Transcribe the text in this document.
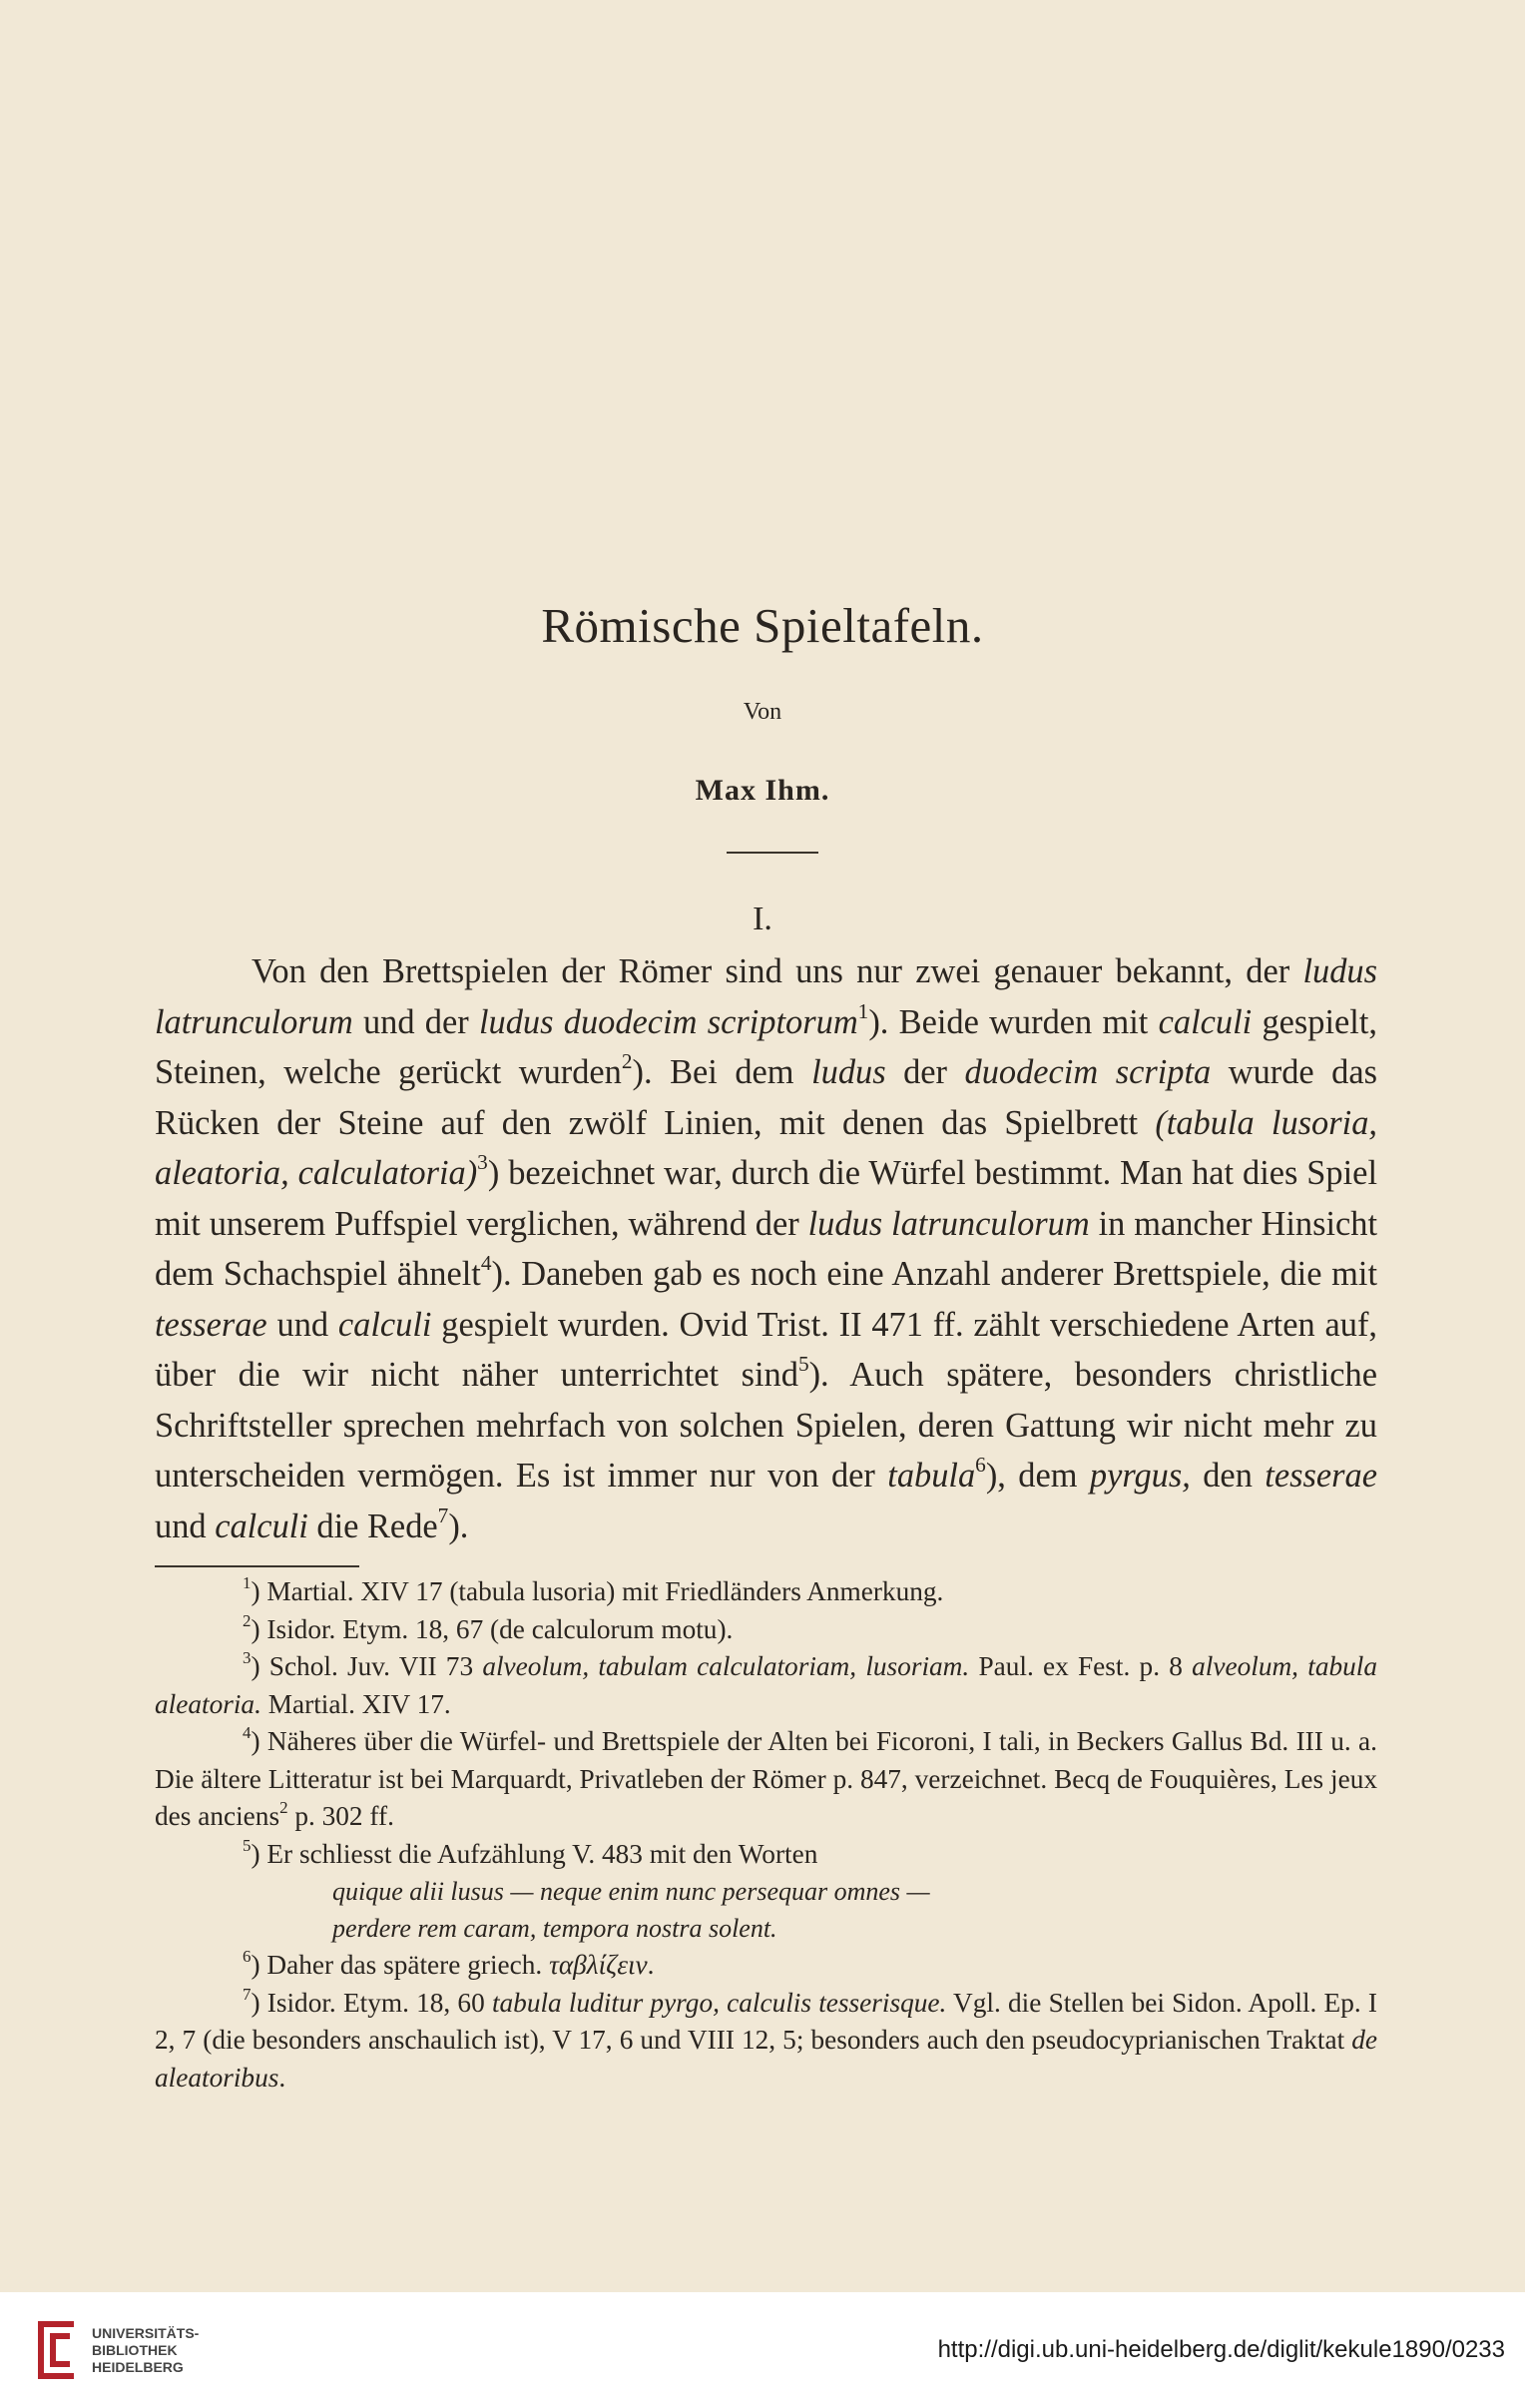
Römische Spieltafeln.
Von
Max Ihm.
I.

Von den Brettspielen der Römer sind uns nur zwei genauer bekannt, der ludus latrunculorum und der ludus duodecim scriptorum$^1$). Beide wurden mit calculi gespielt, Steinen, welche gerückt wurden$^2$). Bei dem ludus der duodecim scripta wurde das Rücken der Steine auf den zwölf Linien, mit denen das Spielbrett (tabula lusoria, aleatoria, calculatoria)$^3$) bezeichnet war, durch die Würfel bestimmt. Man hat dies Spiel mit unserem Puffspiel verglichen, während der ludus latrunculorum in mancher Hinsicht dem Schachspiel ähnelt$^4$). Daneben gab es noch eine Anzahl anderer Brettspiele, die mit tesserae und calculi gespielt wurden. Ovid Trist. II 471 ff. zählt verschiedene Arten auf, über die wir nicht näher unterrichtet sind$^5$). Auch spätere, besonders christliche Schriftsteller sprechen mehrfach von solchen Spielen, deren Gattung wir nicht mehr zu unterscheiden vermögen. Es ist immer nur von der tabula$^6$), dem pyrgus, den tesserae und calculi die Rede$^7$).

$^1$) Martial. XIV 17 (tabula lusoria) mit Friedländers Anmerkung.

$^2$) Isidor. Etym. 18, 67 (de calculorum motu).

$^3$) Schol. Juv. VII 73 alveolum, tabulam calculatoriam, lusoriam. Paul. ex Fest. p. 8 alveolum, tabula aleatoria. Martial. XIV 17.

$^4$) Näheres über die Würfel- und Brettspiele der Alten bei Ficoroni, I tali, in Beckers Gallus Bd. III u. a. Die ältere Litteratur ist bei Marquardt, Privatleben der Römer p. 847, verzeichnet. Becq de Fouquières, Les jeux des anciens$^2$ p. 302 ff.

$^5$) Er schliesst die Aufzählung V. 483 mit den Worten

quique alii lusus — neque enim nunc persequar omnes —

perdere rem caram, tempora nostra solent.

$^6$) Daher das spätere griech. ταβλίζειν.

$^7$) Isidor. Etym. 18, 60 tabula luditur pyrgo, calculis tesserisque. Vgl. die Stellen bei Sidon. Apoll. Ep. I 2, 7 (die besonders anschaulich ist), V 17, 6 und VIII 12, 5; besonders auch den pseudocyprianischen Traktat de aleatoribus.

UNIVERSITÄTS-
BIBLIOTHEK
HEIDELBERG
http://digi.ub.uni-heidelberg.de/diglit/kekule1890/0233
